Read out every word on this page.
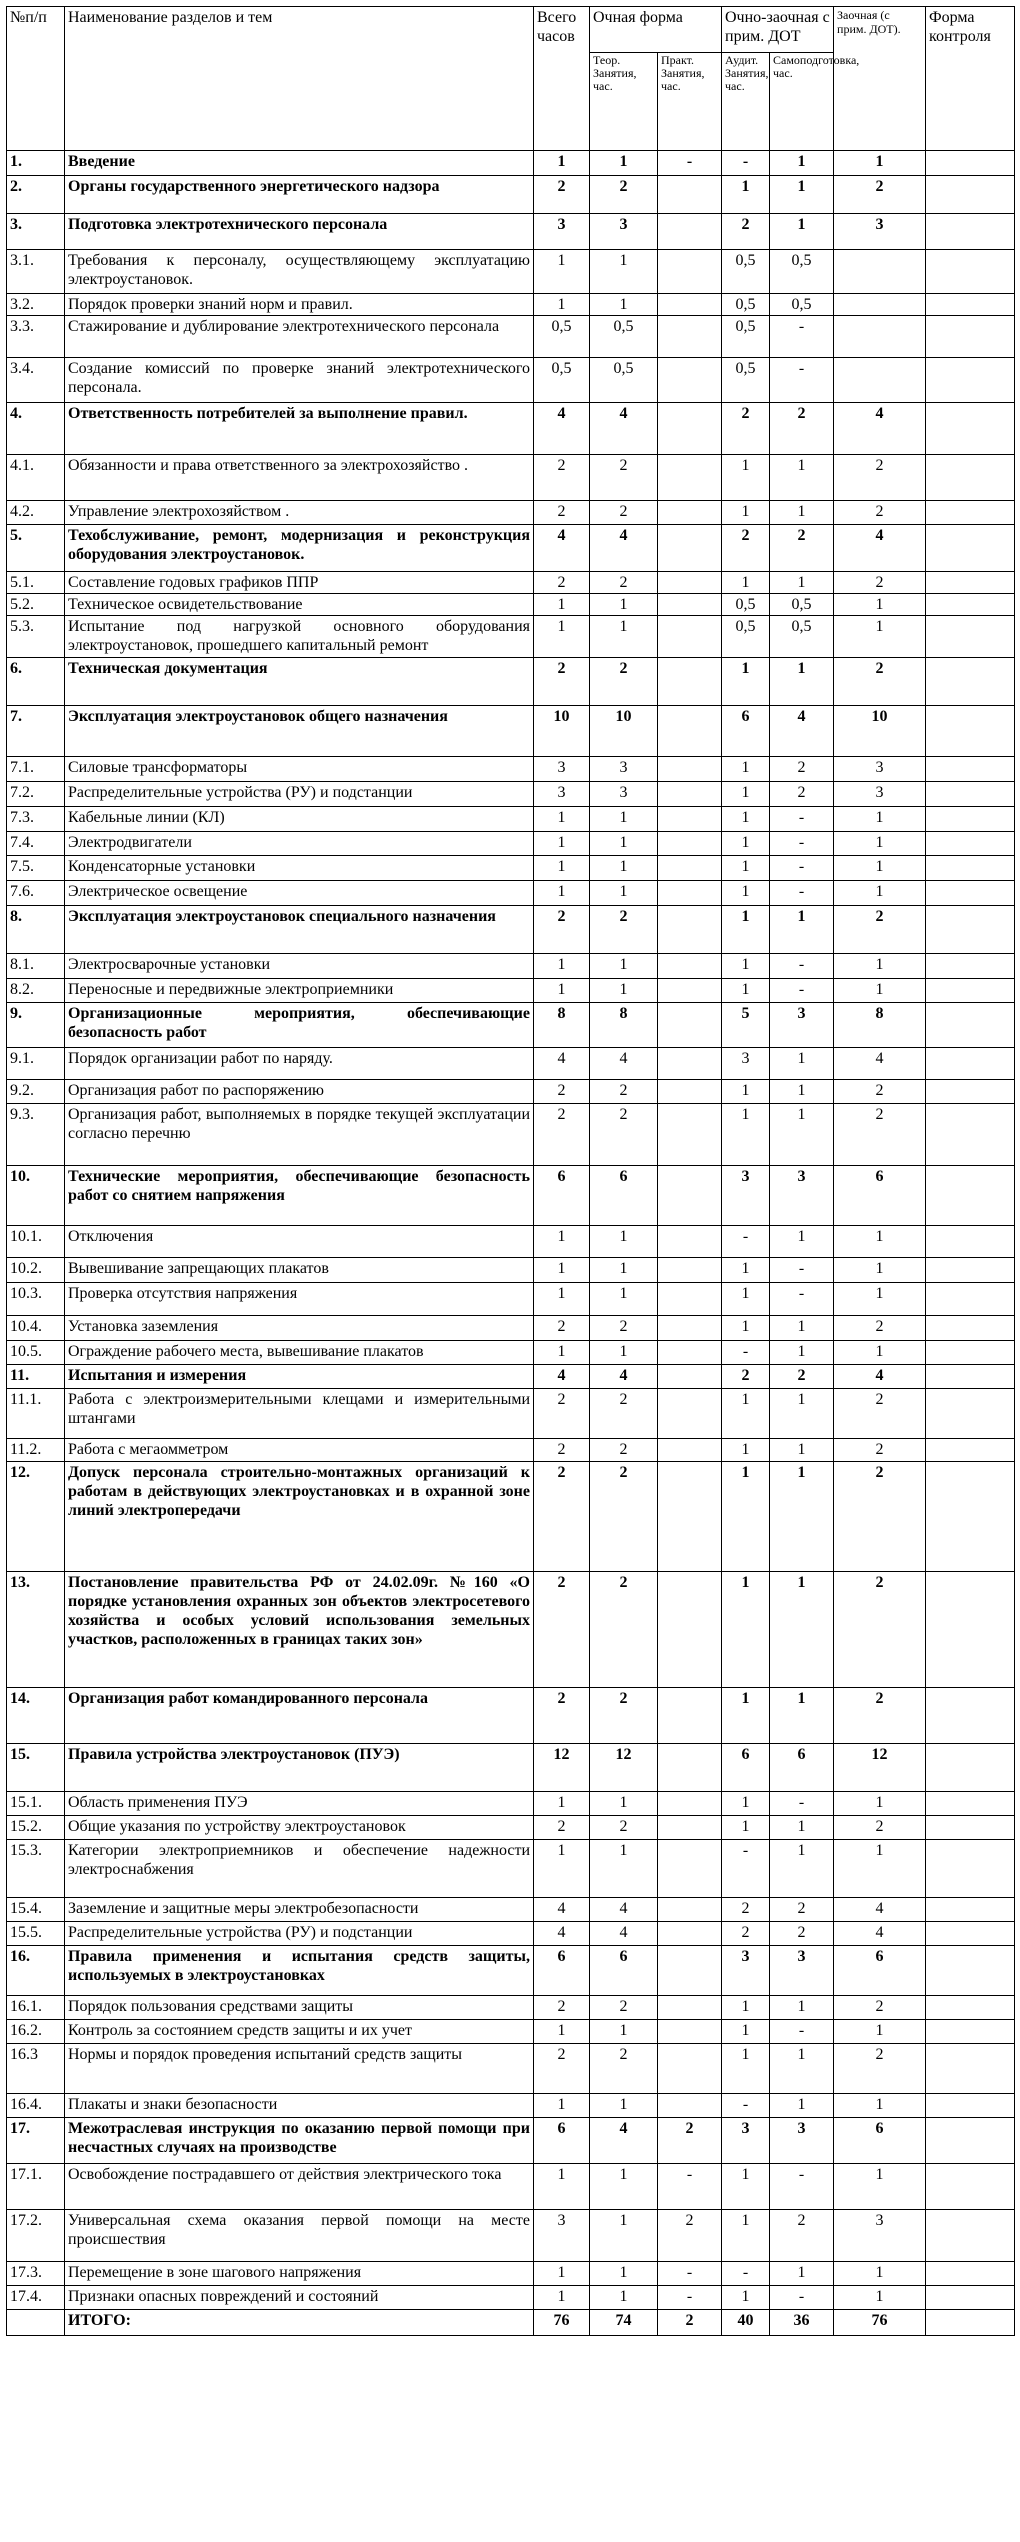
№п/п	Наименование разделов и тем	Всего часов	Очная форма		Очно-заочная с прим. ДОТ		Заочная (с прим. ДОТ).	Форма контроля
			Теор. Занятия, час.	Практ. Занятия, час.	Аудит. Занятия, час.	Самоподготовка, час.		
1.	Введение	1	1	-	-	1	1	
2.	Органы государственного энергетического надзора	2	2		1	1	2	
3.	Подготовка электротехнического персонала	3	3		2	1	3	
3.1.	Требования к персоналу, осуществляющему эксплуатацию электроустановок.	1	1		0,5	0,5		
3.2.	Порядок проверки знаний норм и правил.	1	1		0,5	0,5		
3.3.	Стажирование и дублирование электротехнического персонала	0,5	0,5		0,5	-		
3.4.	Создание комиссий по проверке знаний электротехнического персонала.	0,5	0,5		0,5	-		
4.	Ответственность потребителей за выполнение правил.	4	4		2	2	4	
4.1.	Обязанности и права ответственного за электрохозяйство .	2	2		1	1	2	
4.2.	Управление электрохозяйством .	2	2		1	1	2	
5.	Техобслуживание, ремонт, модернизация и реконструкция оборудования электроустановок.	4	4		2	2	4	
5.1.	Составление годовых графиков ППР	2	2		1	1	2	
5.2.	Техническое освидетельствование	1	1		0,5	0,5	1	
5.3.	Испытание под нагрузкой основного оборудования электроустановок, прошедшего капитальный ремонт	1	1		0,5	0,5	1	
6.	Техническая документация	2	2		1	1	2	
7.	Эксплуатация электроустановок общего назначения	10	10		6	4	10	
7.1.	Силовые трансформаторы	3	3		1	2	3	
7.2.	Распределительные устройства (РУ) и подстанции	3	3		1	2	3	
7.3.	Кабельные линии (КЛ)	1	1		1	-	1	
7.4.	Электродвигатели	1	1		1	-	1	
7.5.	Конденсаторные установки	1	1		1	-	1	
7.6.	Электрическое освещение	1	1		1	-	1	
8.	Эксплуатация электроустановок специального назначения	2	2		1	1	2	
8.1.	Электросварочные установки	1	1		1	-	1	
8.2.	Переносные и передвижные электроприемники	1	1		1	-	1	
9.	Организационные мероприятия, обеспечивающие безопасность работ	8	8		5	3	8	
9.1.	Порядок организации работ по наряду.	4	4		3	1	4	
9.2.	Организация работ по распоряжению	2	2		1	1	2	
9.3.	Организация работ, выполняемых в порядке текущей эксплуатации согласно перечню	2	2		1	1	2	
10.	Технические мероприятия, обеспечивающие безопасность работ со снятием напряжения	6	6		3	3	6	
10.1.	Отключения	1	1		-	1	1	
10.2.	Вывешивание запрещающих плакатов	1	1		1	-	1	
10.3.	Проверка отсутствия напряжения	1	1		1	-	1	
10.4.	Установка заземления	2	2		1	1	2	
10.5.	Ограждение рабочего места, вывешивание плакатов	1	1		-	1	1	
11.	Испытания и измерения	4	4		2	2	4	
11.1.	Работа с электроизмерительными клещами и измерительными штангами	2	2		1	1	2	
11.2.	Работа с мегаомметром	2	2		1	1	2	
12.	Допуск персонала строительно-монтажных организаций к работам в действующих электроустановках и в охранной зоне линий электропередачи	2	2		1	1	2	
13.	Постановление правительства РФ от 24.02.09г. №160 «О порядке установления охранных зон объектов электросетевого хозяйства и особых условий использования земельных участков, расположенных в границах таких зон»	2	2		1	1	2	
14.	Организация работ командированного персонала	2	2		1	1	2	
15.	Правила устройства электроустановок (ПУЭ)	12	12		6	6	12	
15.1.	Область применения ПУЭ	1	1		1	-	1	
15.2.	Общие указания по устройству электроустановок	2	2		1	1	2	
15.3.	Категории электроприемников и обеспечение надежности электроснабжения	1	1		-	1	1	
15.4.	Заземление и защитные меры электробезопасности	4	4		2	2	4	
15.5.	Распределительные устройства (РУ) и подстанции	4	4		2	2	4	
16.	Правила применения и испытания средств защиты, используемых в электроустановках	6	6		3	3	6	
16.1.	Порядок пользования средствами защиты	2	2		1	1	2	
16.2.	Контроль за состоянием средств защиты и их учет	1	1		1	-	1	
16.3	Нормы и порядок проведения испытаний средств защиты	2	2		1	1	2	
16.4.	Плакаты и знаки безопасности	1	1		-	1	1	
17.	Межотраслевая инструкция по оказанию первой помощи при несчастных случаях на производстве	6	4	2	3	3	6	
17.1.	Освобождение пострадавшего от действия электрического тока	1	1	-	1	-	1	
17.2.	Универсальная схема оказания первой помощи на месте происшествия	3	1	2	1	2	3	
17.3.	Перемещение в зоне шагового напряжения	1	1	-	-	1	1	
17.4.	Признаки опасных повреждений и состояний	1	1	-	1	-	1	
	ИТОГО:	76	74	2	40	36	76	
